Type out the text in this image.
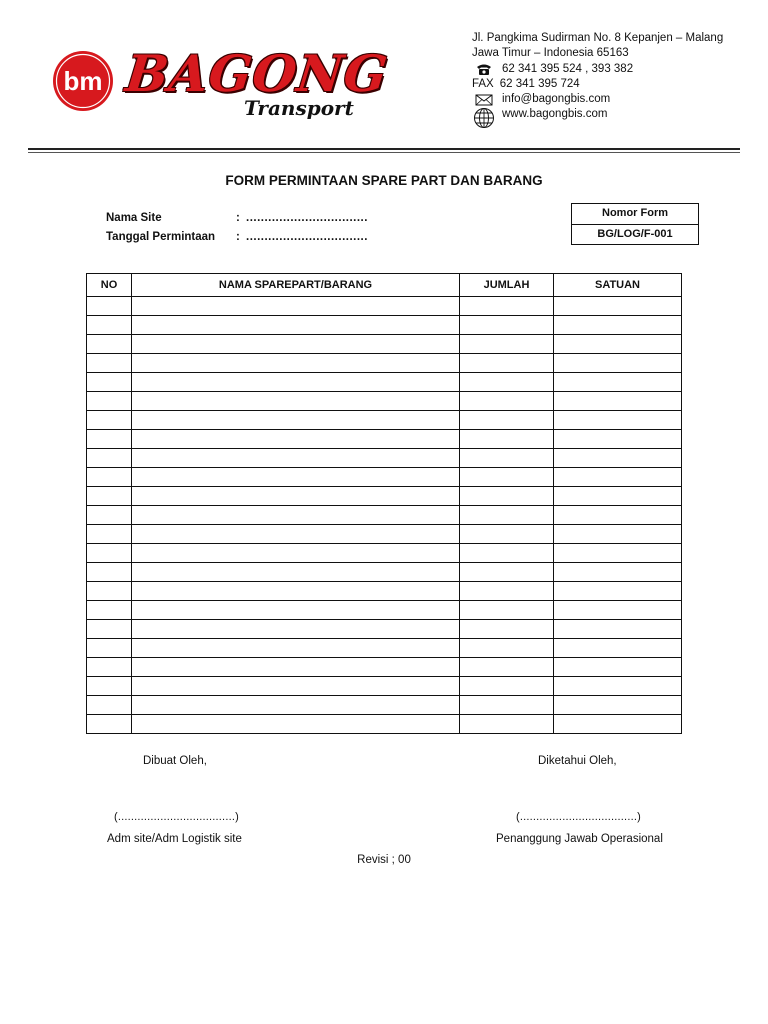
bm BAGONG
Transport
Jl. Pangkima Sudirman No. 8 Kepanjen – Malang
Jawa Timur – Indonesia 65163
62 341 395 524 , 393 382
FAX 62 341 395 724
info@bagongbis.com
www.bagongbis.com
FORM PERMINTAAN SPARE PART DAN BARANG
Nama Site	: .................................
Tanggal Permintaan : .................................
Nomor Form
BG/LOG/F-001
NO	NAMA SPAREPART/BARANG	JUMLAH	SATUAN

Dibuat Oleh,	Diketahui Oleh,
(....................................)	(....................................)
Adm site/Adm Logistik site	Penanggung Jawab Operasional
Revisi ; 00
